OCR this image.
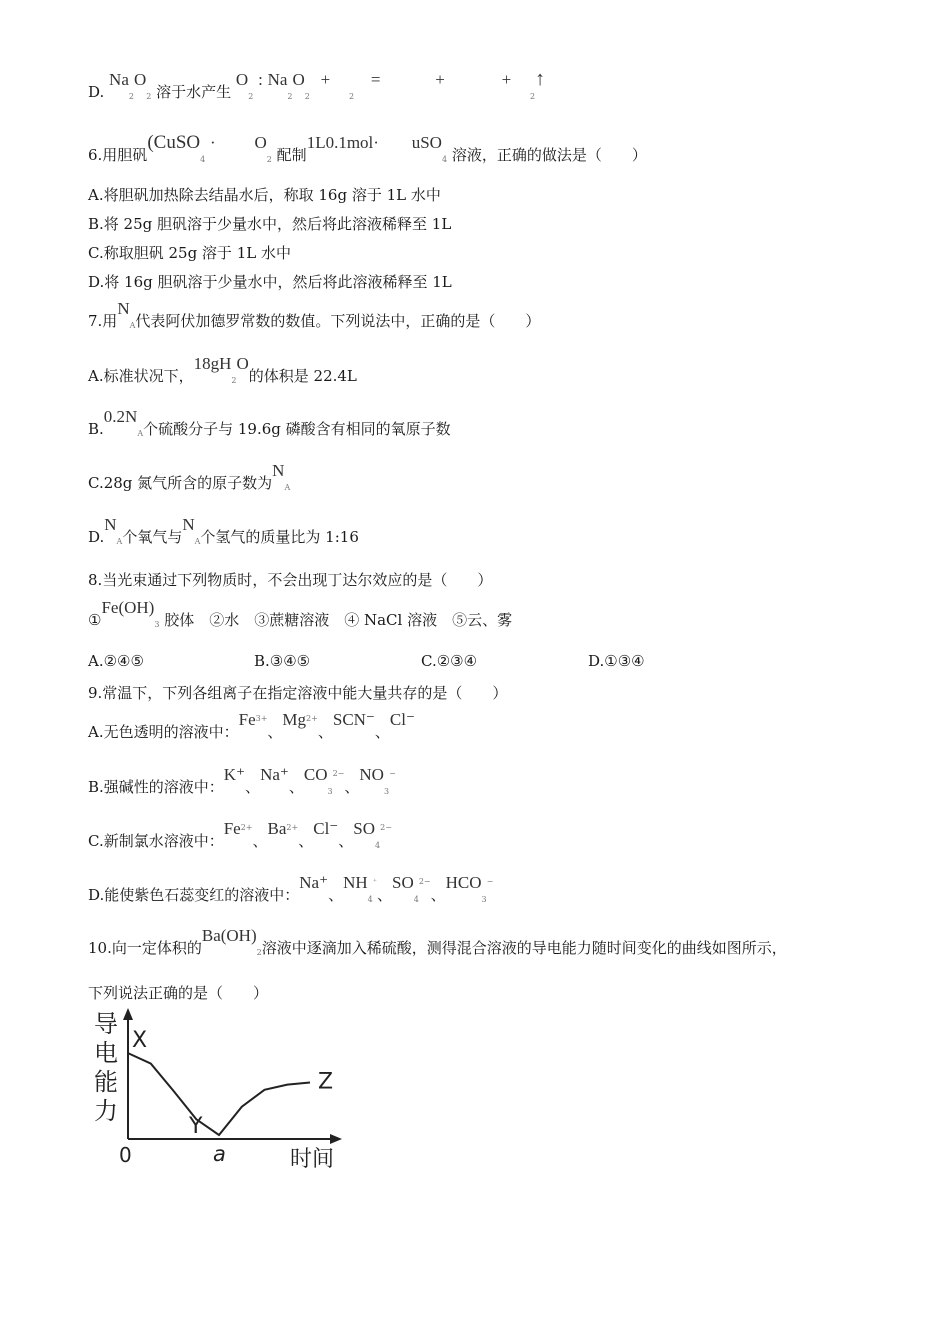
D. Na2O2 溶于水产生 O2 : Na2O2 + 2 =	+	+ 2↑
6.用胆矾(CuSO4 · O2 配制1L0.1mol· uSO4 溶液，正确的做法是（　　）
A.将胆矾加热除去结晶水后，称取 16g 溶于 1L 水中
B.将 25g 胆矾溶于少量水中，然后将此溶液稀释至 1L
C.称取胆矾 25g 溶于 1L 水中
D.将 16g 胆矾溶于少量水中，然后将此溶液稀释至 1L
7.用NA代表阿伏加德罗常数的数值。下列说法中，正确的是（　　）
A.标准状况下，18gH2O的体积是 22.4L
B.0.2NA个硫酸分子与 19.6g 磷酸含有相同的氧原子数
C.28g 氮气所含的原子数为NA
D.NA个氧气与NA个氢气的质量比为 1:16
8.当光束通过下列物质时，不会出现丁达尔效应的是（　　）
①Fe(OH)3 胶体　②水　③蔗糖溶液　④ NaCl 溶液　⑤云、雾
A.②④⑤	B.③④⑤	C.②③④	D.①③④
9.常温下，下列各组离子在指定溶液中能大量共存的是（　　）
A.无色透明的溶液中：$Fe^{3+}$、$Mg^{2+}$、SCN⁻、Cl⁻
B.强碱性的溶液中：K⁺、Na⁺、$CO3^{2-}$、NO3−
C.新制氯水溶液中：$Fe^{2+}$、$Ba^{2+}$、Cl⁻、$SO4^{2-}$
D.能使紫色石蕊变红的溶液中：Na⁺、NH4⁺、$SO4^{2-}$、HCO3−
10.向一定体积的Ba(OH)2溶液中逐滴加入稀硫酸，测得混合溶液的导电能力随时间变化的曲线如图所示，
下列说法正确的是（　　）
导
电
能
力
0	时间
X
Y
Z
a
